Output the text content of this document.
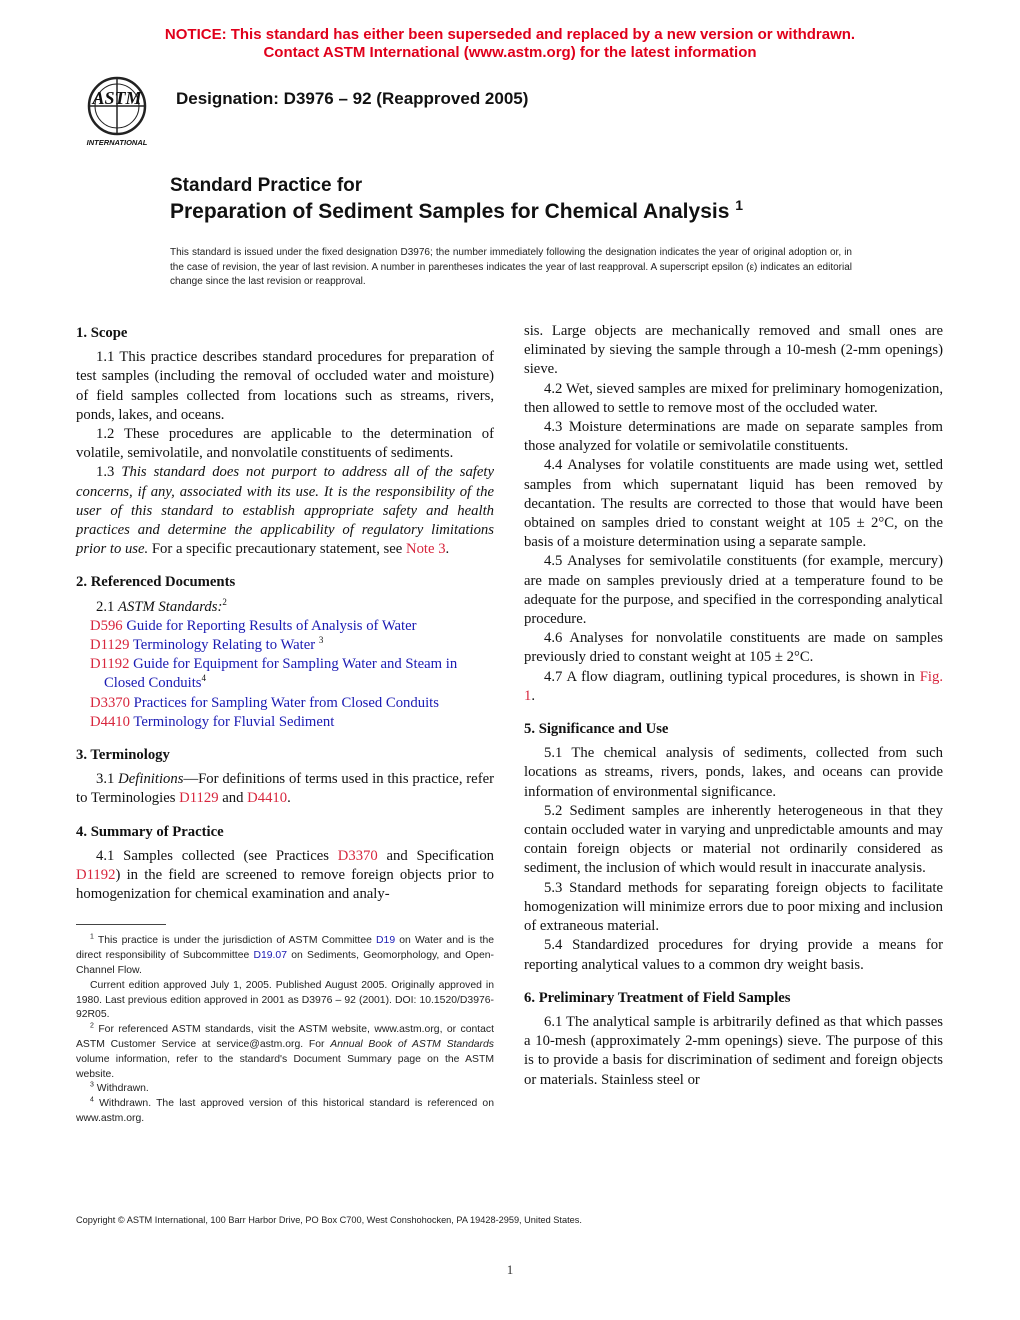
NOTICE: This standard has either been superseded and replaced by a new version or withdrawn.
Contact ASTM International (www.astm.org) for the latest information
ASTM
INTERNATIONAL
Designation: D3976 – 92 (Reapproved 2005)
Standard Practice for
Preparation of Sediment Samples for Chemical Analysis $^1$
This standard is issued under the fixed designation D3976; the number immediately following the designation indicates the year of original adoption or, in the case of revision, the year of last revision. A number in parentheses indicates the year of last reapproval. A superscript epsilon (ε) indicates an editorial change since the last revision or reapproval.
1. Scope

1.1 This practice describes standard procedures for preparation of test samples (including the removal of occluded water and moisture) of field samples collected from locations such as streams, rivers, ponds, lakes, and oceans.

1.2 These procedures are applicable to the determination of volatile, semivolatile, and nonvolatile constituents of sediments.

1.3 This standard does not purport to address all of the safety concerns, if any, associated with its use. It is the responsibility of the user of this standard to establish appropriate safety and health practices and determine the applicability of regulatory limitations prior to use. For a specific precautionary statement, see Note 3.

2. Referenced Documents

2.1 ASTM Standards:$^2$

D596 Guide for Reporting Results of Analysis of Water

D1129 Terminology Relating to Water $^3$

D1192 Guide for Equipment for Sampling Water and Steam in Closed Conduits$^4$

D3370 Practices for Sampling Water from Closed Conduits

D4410 Terminology for Fluvial Sediment

3. Terminology

3.1 Definitions—For definitions of terms used in this practice, refer to Terminologies D1129 and D4410.

4. Summary of Practice

4.1 Samples collected (see Practices D3370 and Specification D1192) in the field are screened to remove foreign objects prior to homogenization for chemical examination and analy-

$^1$ This practice is under the jurisdiction of ASTM Committee D19 on Water and is the direct responsibility of Subcommittee D19.07 on Sediments, Geomorphology, and Open-Channel Flow.

Current edition approved July 1, 2005. Published August 2005. Originally approved in 1980. Last previous edition approved in 2001 as D3976 – 92 (2001). DOI: 10.1520/D3976-92R05.

$^2$ For referenced ASTM standards, visit the ASTM website, www.astm.org, or contact ASTM Customer Service at service@astm.org. For Annual Book of ASTM Standards volume information, refer to the standard's Document Summary page on the ASTM website.

$^3$ Withdrawn.

$^4$ Withdrawn. The last approved version of this historical standard is referenced on www.astm.org.

sis. Large objects are mechanically removed and small ones are eliminated by sieving the sample through a 10-mesh (2-mm openings) sieve.

4.2 Wet, sieved samples are mixed for preliminary homogenization, then allowed to settle to remove most of the occluded water.

4.3 Moisture determinations are made on separate samples from those analyzed for volatile or semivolatile constituents.

4.4 Analyses for volatile constituents are made using wet, settled samples from which supernatant liquid has been removed by decantation. The results are corrected to those that would have been obtained on samples dried to constant weight at 105 ± 2°C, on the basis of a moisture determination using a separate sample.

4.5 Analyses for semivolatile constituents (for example, mercury) are made on samples previously dried at a temperature found to be adequate for the purpose, and specified in the corresponding analytical procedure.

4.6 Analyses for nonvolatile constituents are made on samples previously dried to constant weight at 105 ± 2°C.

4.7 A flow diagram, outlining typical procedures, is shown in Fig. 1.

5. Significance and Use

5.1 The chemical analysis of sediments, collected from such locations as streams, rivers, ponds, lakes, and oceans can provide information of environmental significance.

5.2 Sediment samples are inherently heterogeneous in that they contain occluded water in varying and unpredictable amounts and may contain foreign objects or material not ordinarily considered as sediment, the inclusion of which would result in inaccurate analysis.

5.3 Standard methods for separating foreign objects to facilitate homogenization will minimize errors due to poor mixing and inclusion of extraneous material.

5.4 Standardized procedures for drying provide a means for reporting analytical values to a common dry weight basis.

6. Preliminary Treatment of Field Samples

6.1 The analytical sample is arbitrarily defined as that which passes a 10-mesh (approximately 2-mm openings) sieve. The purpose of this is to provide a basis for discrimination of sediment and foreign objects or materials. Stainless steel or

Copyright © ASTM International, 100 Barr Harbor Drive, PO Box C700, West Conshohocken, PA 19428-2959, United States.
1
